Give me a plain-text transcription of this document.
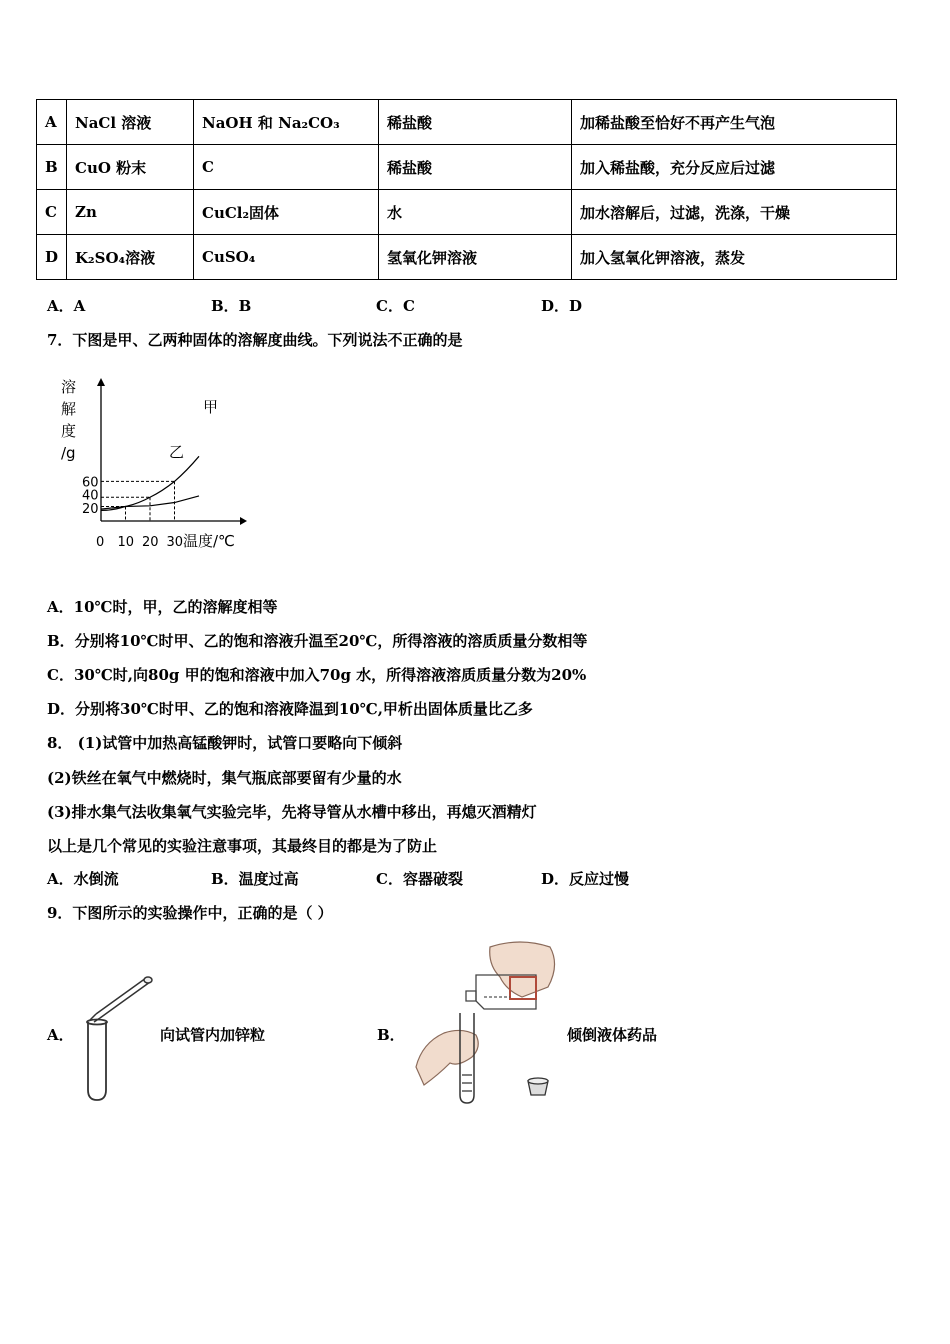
A	NaCl 溶液	NaOH 和 Na₂CO₃	稀盐酸	加稀盐酸至恰好不再产生气泡
B	CuO 粉末	C	稀盐酸	加入稀盐酸，充分反应后过滤
C	Zn	CuCl₂固体	水	加水溶解后，过滤，洗涤，干燥
D	K₂SO₄溶液	CuSO₄	氢氧化钾溶液	加入氢氧化钾溶液，蒸发
A．A	B．B	C．C	D．D
7．下图是甲、乙两种固体的溶解度曲线。下列说法不正确的是
溶
解
度
/g
温度/℃
0 10 20 30
20
40
60
甲
乙
A．10℃时，甲，乙的溶解度相等
B．分别将10℃时甲、乙的饱和溶液升温至20℃，所得溶液的溶质质量分数相等
C．30℃时,向80g 甲的饱和溶液中加入70g 水，所得溶液溶质质量分数为20%
D．分别将30℃时甲、乙的饱和溶液降温到10℃,甲析出固体质量比乙多
8． (1)试管中加热高锰酸钾时，试管口要略向下倾斜
(2)铁丝在氧气中燃烧时，集气瓶底部要留有少量的水
(3)排水集气法收集氧气实验完毕，先将导管从水槽中移出，再熄灭酒精灯
以上是几个常见的实验注意事项，其最终目的都是为了防止
A．水倒流	B．温度过高	C．容器破裂	D．反应过慢
9．下图所示的实验操作中，正确的是（ ）
A．	向试管内加锌粒	B．	倾倒液体药品
